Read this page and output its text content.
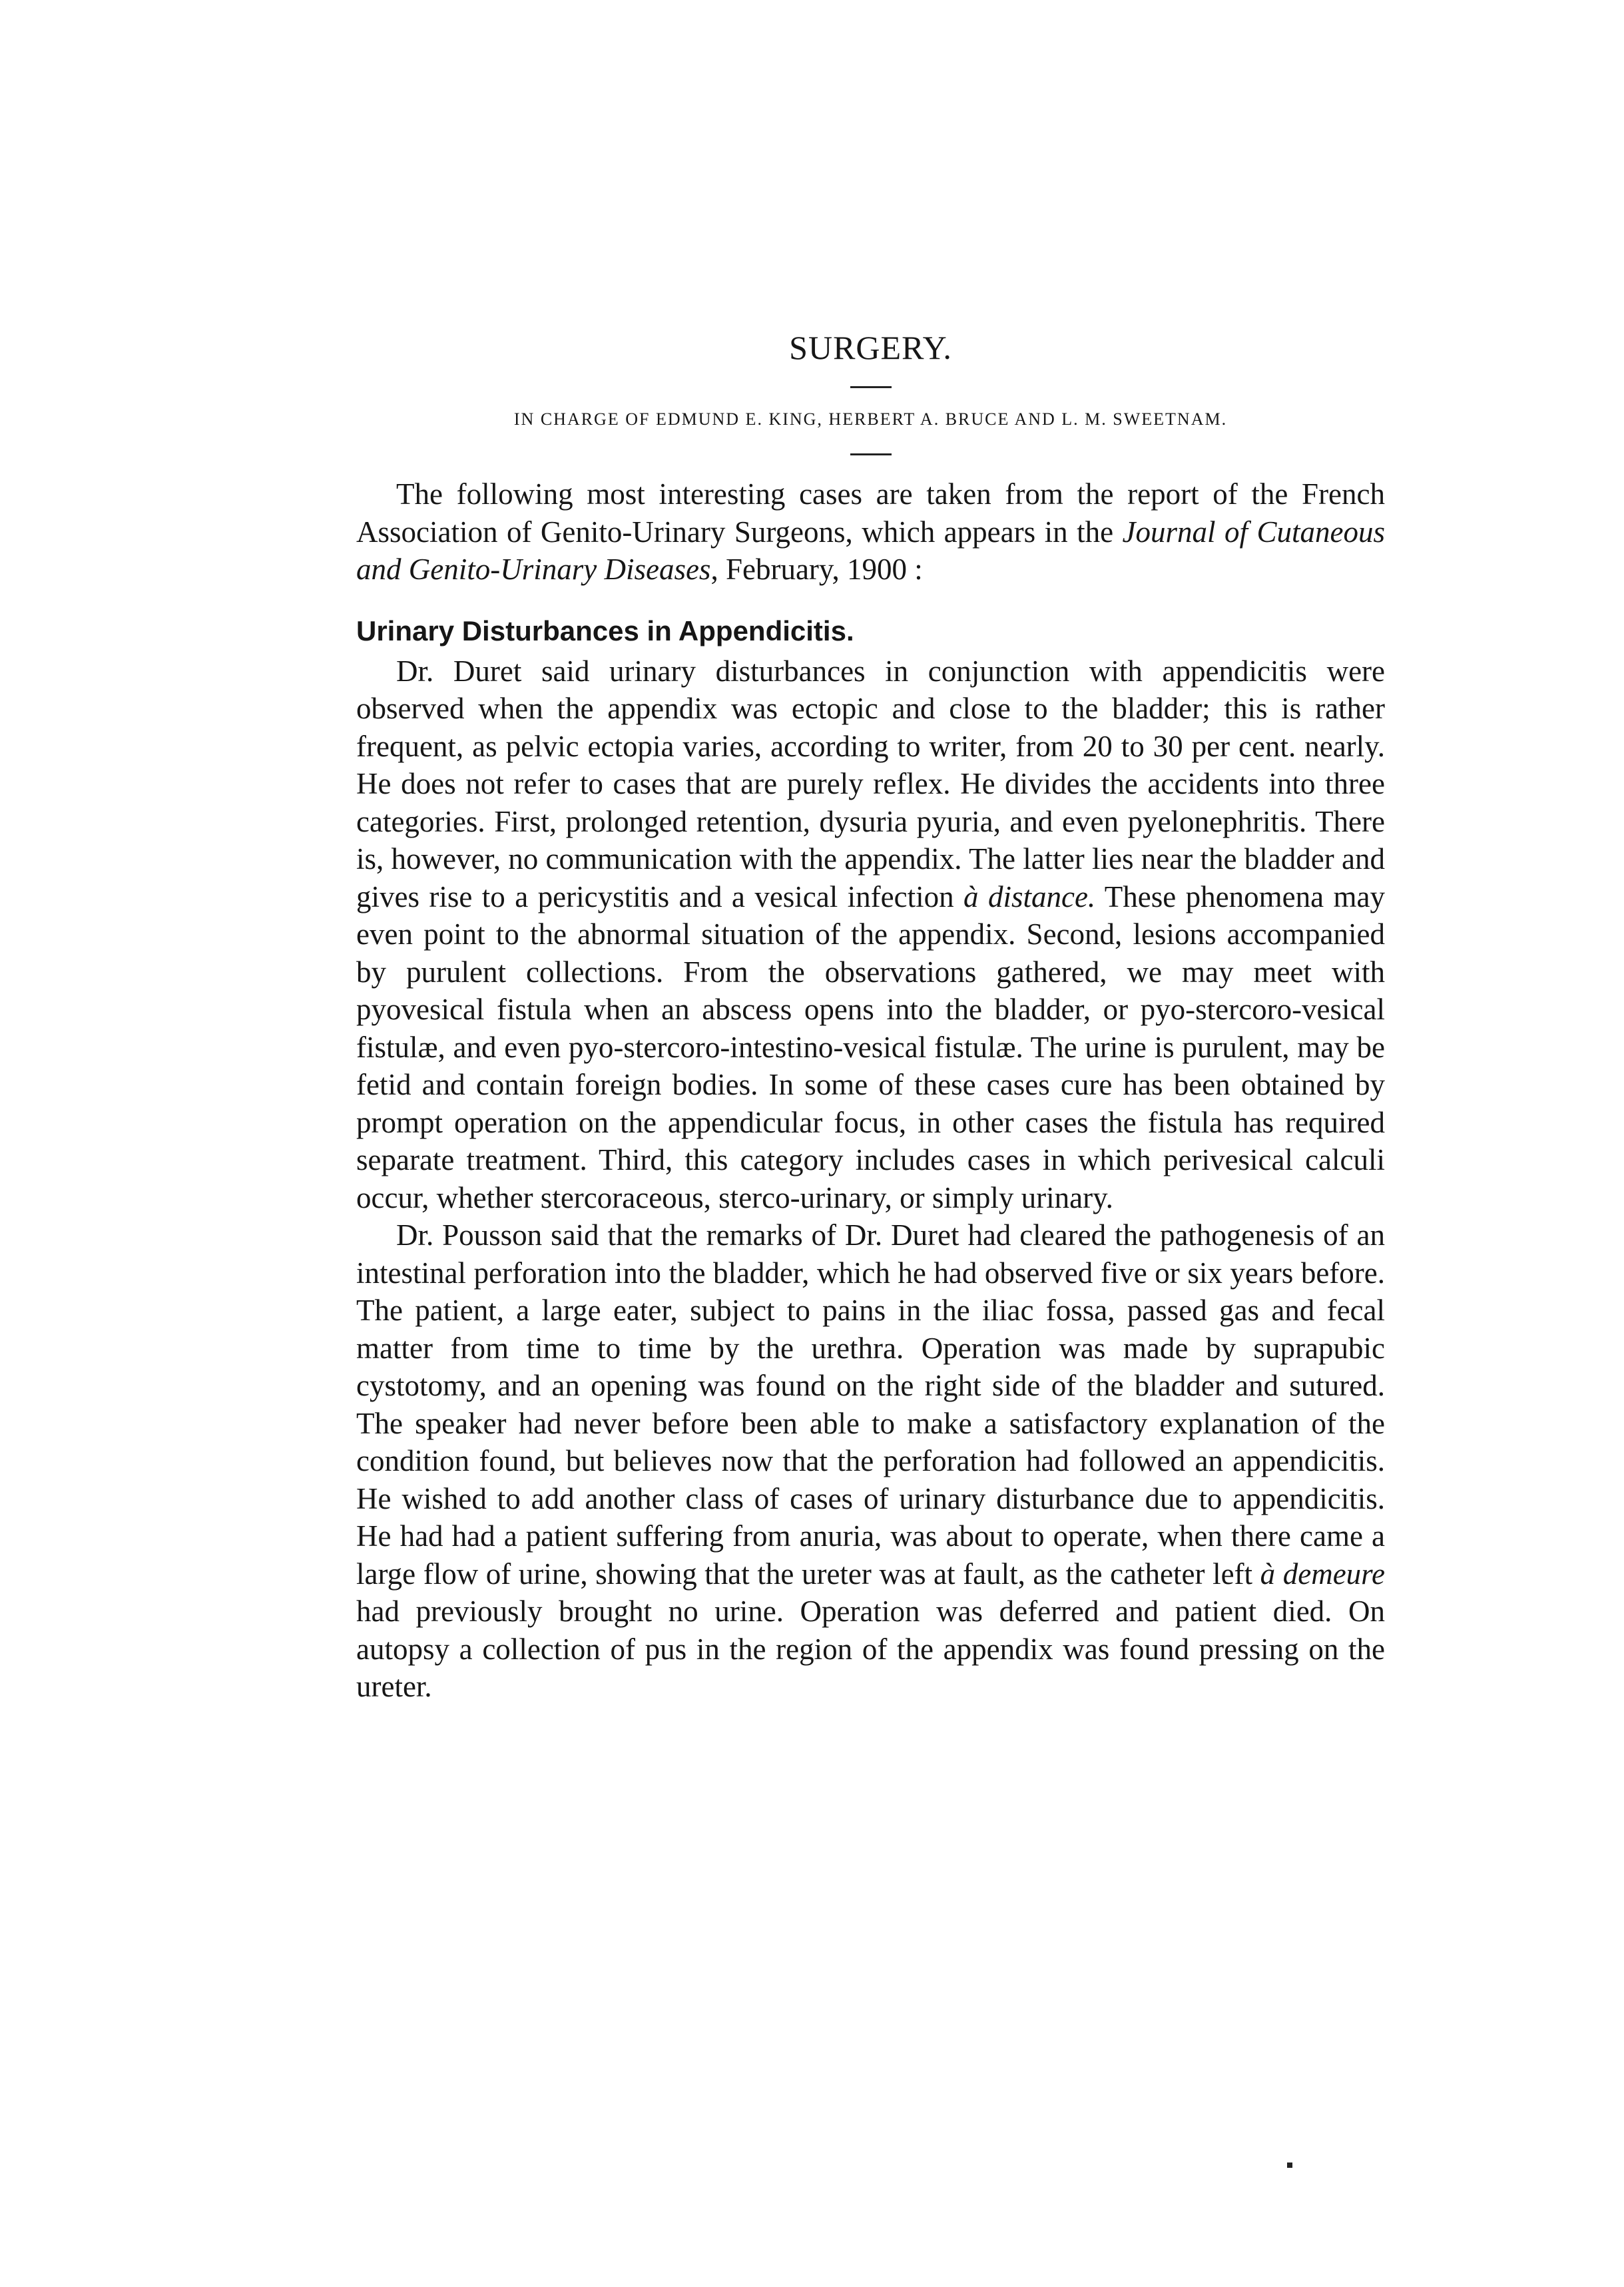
SURGERY.

IN CHARGE OF EDMUND E. KING, HERBERT A. BRUCE AND L. M. SWEETNAM.

The following most interesting cases are taken from the report of the French Association of Genito-Urinary Surgeons, which appears in the Journal of Cutaneous and Genito-Urinary Diseases, February, 1900 :

Urinary Disturbances in Appendicitis.

Dr. Duret said urinary disturbances in conjunction with appendicitis were observed when the appendix was ectopic and close to the bladder; this is rather frequent, as pelvic ectopia varies, according to writer, from 20 to 30 per cent. nearly. He does not refer to cases that are purely reflex. He divides the accidents into three categories. First, prolonged retention, dysuria pyuria, and even pyelonephritis. There is, however, no communication with the appendix. The latter lies near the bladder and gives rise to a pericystitis and a vesical infection à distance. These phenomena may even point to the abnormal situation of the appendix. Second, lesions accompanied by purulent collections. From the observations gathered, we may meet with pyovesical fistula when an abscess opens into the bladder, or pyo-stercoro-vesical fistulæ, and even pyo-stercoro-intestino-vesical fistulæ. The urine is purulent, may be fetid and contain foreign bodies. In some of these cases cure has been obtained by prompt operation on the appendicular focus, in other cases the fistula has required separate treatment. Third, this category includes cases in which perivesical calculi occur, whether stercoraceous, sterco-urinary, or simply urinary.

Dr. Pousson said that the remarks of Dr. Duret had cleared the pathogenesis of an intestinal perforation into the bladder, which he had observed five or six years before. The patient, a large eater, subject to pains in the iliac fossa, passed gas and fecal matter from time to time by the urethra. Operation was made by suprapubic cystotomy, and an opening was found on the right side of the bladder and sutured. The speaker had never before been able to make a satisfactory explanation of the condition found, but believes now that the perforation had followed an appendicitis. He wished to add another class of cases of urinary disturbance due to appendicitis. He had had a patient suffering from anuria, was about to operate, when there came a large flow of urine, showing that the ureter was at fault, as the catheter left à demeure had previously brought no urine. Operation was deferred and patient died. On autopsy a collection of pus in the region of the appendix was found pressing on the ureter.
